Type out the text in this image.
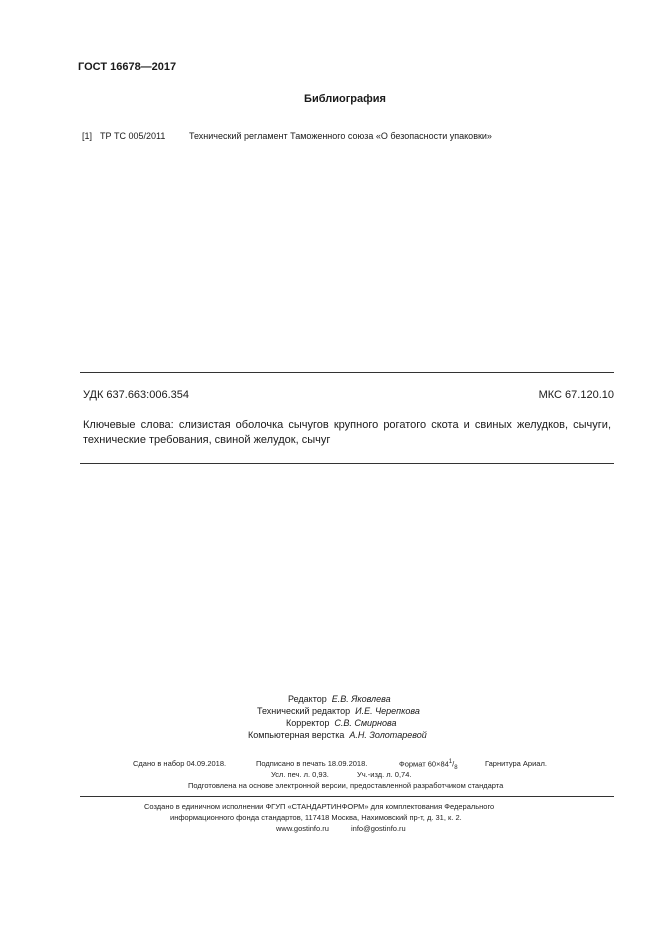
ГОСТ 16678—2017
Библиография
[1] ТР ТС 005/2011	Технический регламент Таможенного союза «О безопасности упаковки»
УДК 637.663:006.354	МКС 67.120.10
Ключевые слова: слизистая оболочка сычугов крупного рогатого скота и свиных желудков, сычуги,
технические требования, свиной желудок, сычуг
Редактор Е.В. Яковлева
Технический редактор И.Е. Черепкова
Корректор С.В. Смирнова
Компьютерная верстка А.Н. Золотаревой
Сдано в набор 04.09.2018.	Подписано в печать 18.09.2018.	Формат $60\times 84^1/_8$	Гарнитура Ариал.
Усл. печ. л. 0,93.	Уч.-изд. л. 0,74.
Подготовлена на основе электронной версии, предоставленной разработчиком стандарта
Создано в единичном исполнении ФГУП «СТАНДАРТИНФОРМ» для комплектования Федерального
информационного фонда стандартов, 117418 Москва, Нахимовский пр-т, д. 31, к. 2.
www.gostinfo.ru	info@gostinfo.ru
